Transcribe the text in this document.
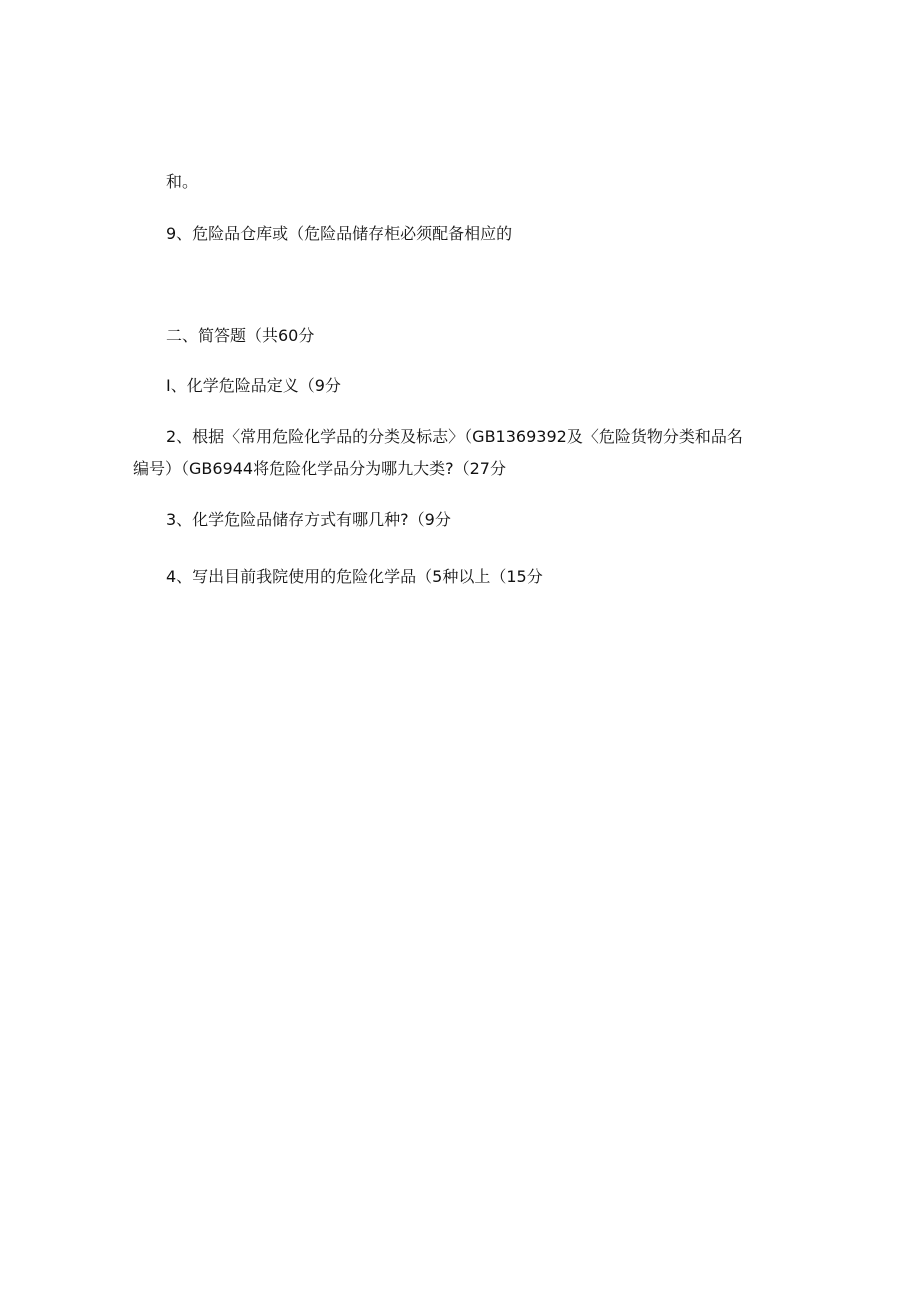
和。
9、危险品仓库或（危险品储存柜必须配备相应的
二、简答题（共60分
I、化学危险品定义（9分
2、根据〈常用危险化学品的分类及标志〉（GB1369392及〈危险货物分类和品名
编号）（GB6944将危险化学品分为哪九大类?（27分
3、化学危险品储存方式有哪几种?（9分
4、写出目前我院使用的危险化学品（5种以上（15分
